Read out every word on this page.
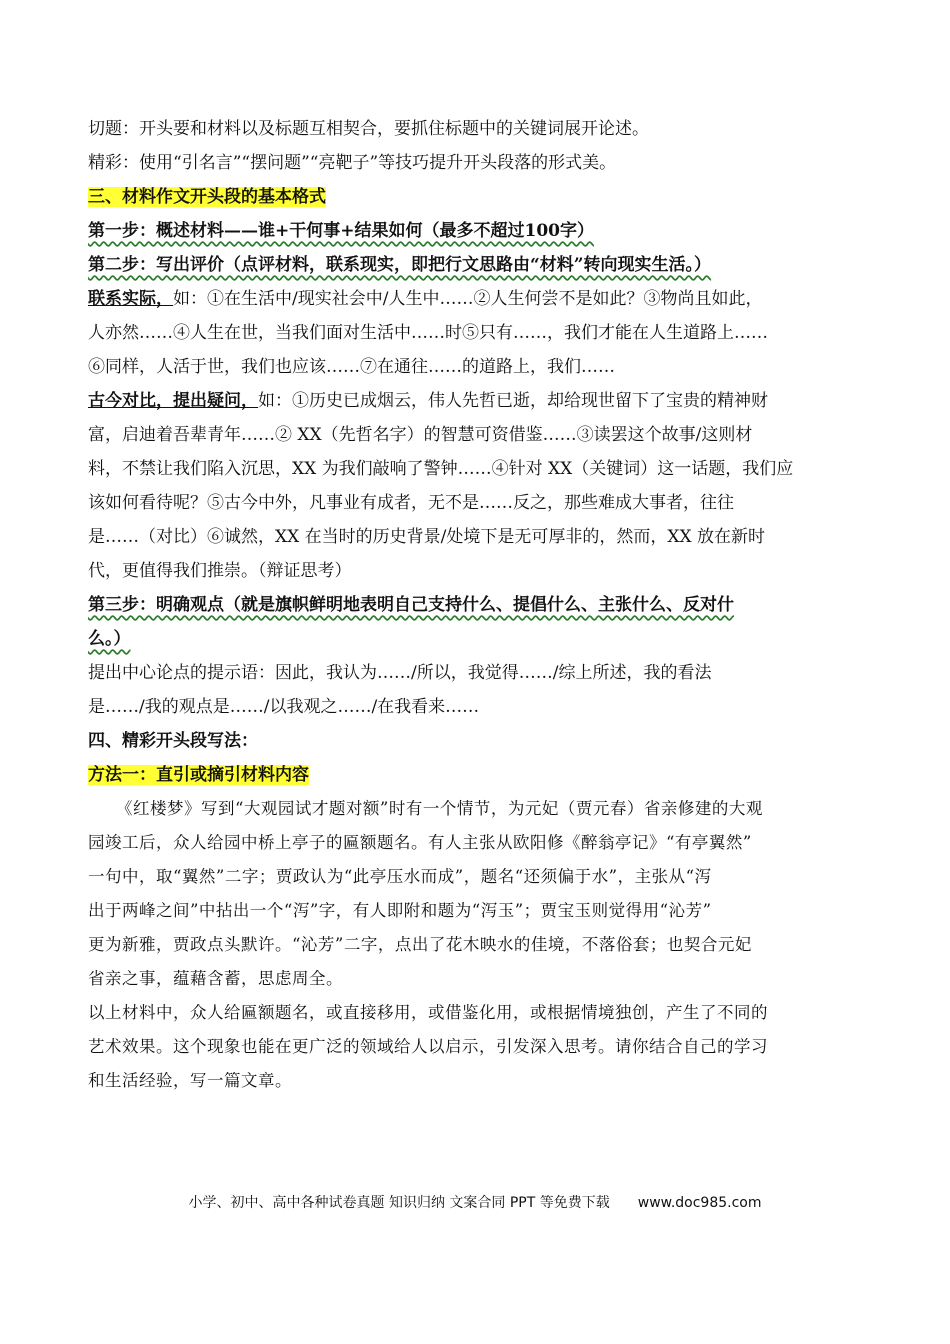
切题：开头要和材料以及标题互相契合，要抓住标题中的关键词展开论述。
精彩：使用“引名言”“摆问题”“亮靶子”等技巧提升开头段落的形式美。
三、材料作文开头段的基本格式
第一步：概述材料——谁+干何事+结果如何（最多不超过100字）
第二步：写出评价（点评材料，联系现实，即把行文思路由“材料”转向现实生活。）
联系实际，如：①在生活中/现实社会中/人生中……②人生何尝不是如此？③物尚且如此，
人亦然……④人生在世，当我们面对生活中……时⑤只有……，我们才能在人生道路上……
⑥同样，人活于世，我们也应该……⑦在通往……的道路上，我们……
古今对比，提出疑问，如：①历史已成烟云，伟人先哲已逝，却给现世留下了宝贵的精神财
富，启迪着吾辈青年……② XX（先哲名字）的智慧可资借鉴……③读罢这个故事/这则材
料，不禁让我们陷入沉思，XX 为我们敲响了警钟……④针对 XX（关键词）这一话题，我们应
该如何看待呢？⑤古今中外，凡事业有成者，无不是……反之，那些难成大事者，往往
是……（对比）⑥诚然，XX 在当时的历史背景/处境下是无可厚非的，然而，XX 放在新时
代，更值得我们推崇。（辩证思考）
第三步：明确观点（就是旗帜鲜明地表明自己支持什么、提倡什么、主张什么、反对什
么。）
提出中心论点的提示语：因此，我认为……/所以，我觉得……/综上所述，我的看法
是……/我的观点是……/以我观之……/在我看来……
四、精彩开头段写法：
方法一：直引或摘引材料内容
《红楼梦》写到“大观园试才题对额”时有一个情节，为元妃（贾元春）省亲修建的大观
园竣工后，众人给园中桥上亭子的匾额题名。有人主张从欧阳修《醉翁亭记》“有亭翼然”
一句中，取“翼然”二字；贾政认为“此亭压水而成”，题名“还须偏于水”，主张从“泻
出于两峰之间”中拈出一个“泻”字，有人即附和题为“泻玉”；贾宝玉则觉得用“沁芳”
更为新雅，贾政点头默许。“沁芳”二字，点出了花木映水的佳境，不落俗套；也契合元妃
省亲之事，蕴藉含蓄，思虑周全。
以上材料中，众人给匾额题名，或直接移用，或借鉴化用，或根据情境独创，产生了不同的
艺术效果。这个现象也能在更广泛的领域给人以启示，引发深入思考。请你结合自己的学习
和生活经验，写一篇文章。
小学、初中、高中各种试卷真题 知识归纳 文案合同 PPT 等免费下载 www.doc985.com
